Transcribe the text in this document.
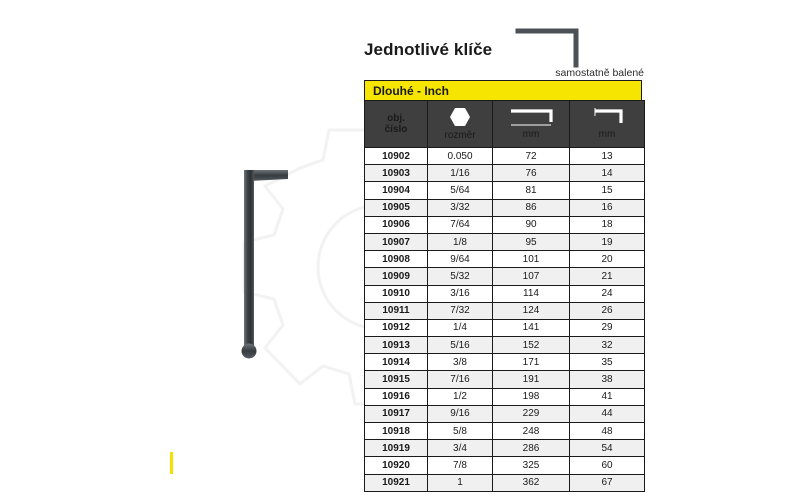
Jednotlivé klíče
samostatně balené
Dlouhé - Inch
obj.
číslo	rozměr	mm	mm

10902	0.050	72	13
10903	1/16	76	14
10904	5/64	81	15
10905	3/32	86	16
10906	7/64	90	18
10907	1/8	95	19
10908	9/64	101	20
10909	5/32	107	21
10910	3/16	114	24
10911	7/32	124	26
10912	1/4	141	29
10913	5/16	152	32
10914	3/8	171	35
10915	7/16	191	38
10916	1/2	198	41
10917	9/16	229	44
10918	5/8	248	48
10919	3/4	286	54
10920	7/8	325	60
10921	1	362	67
